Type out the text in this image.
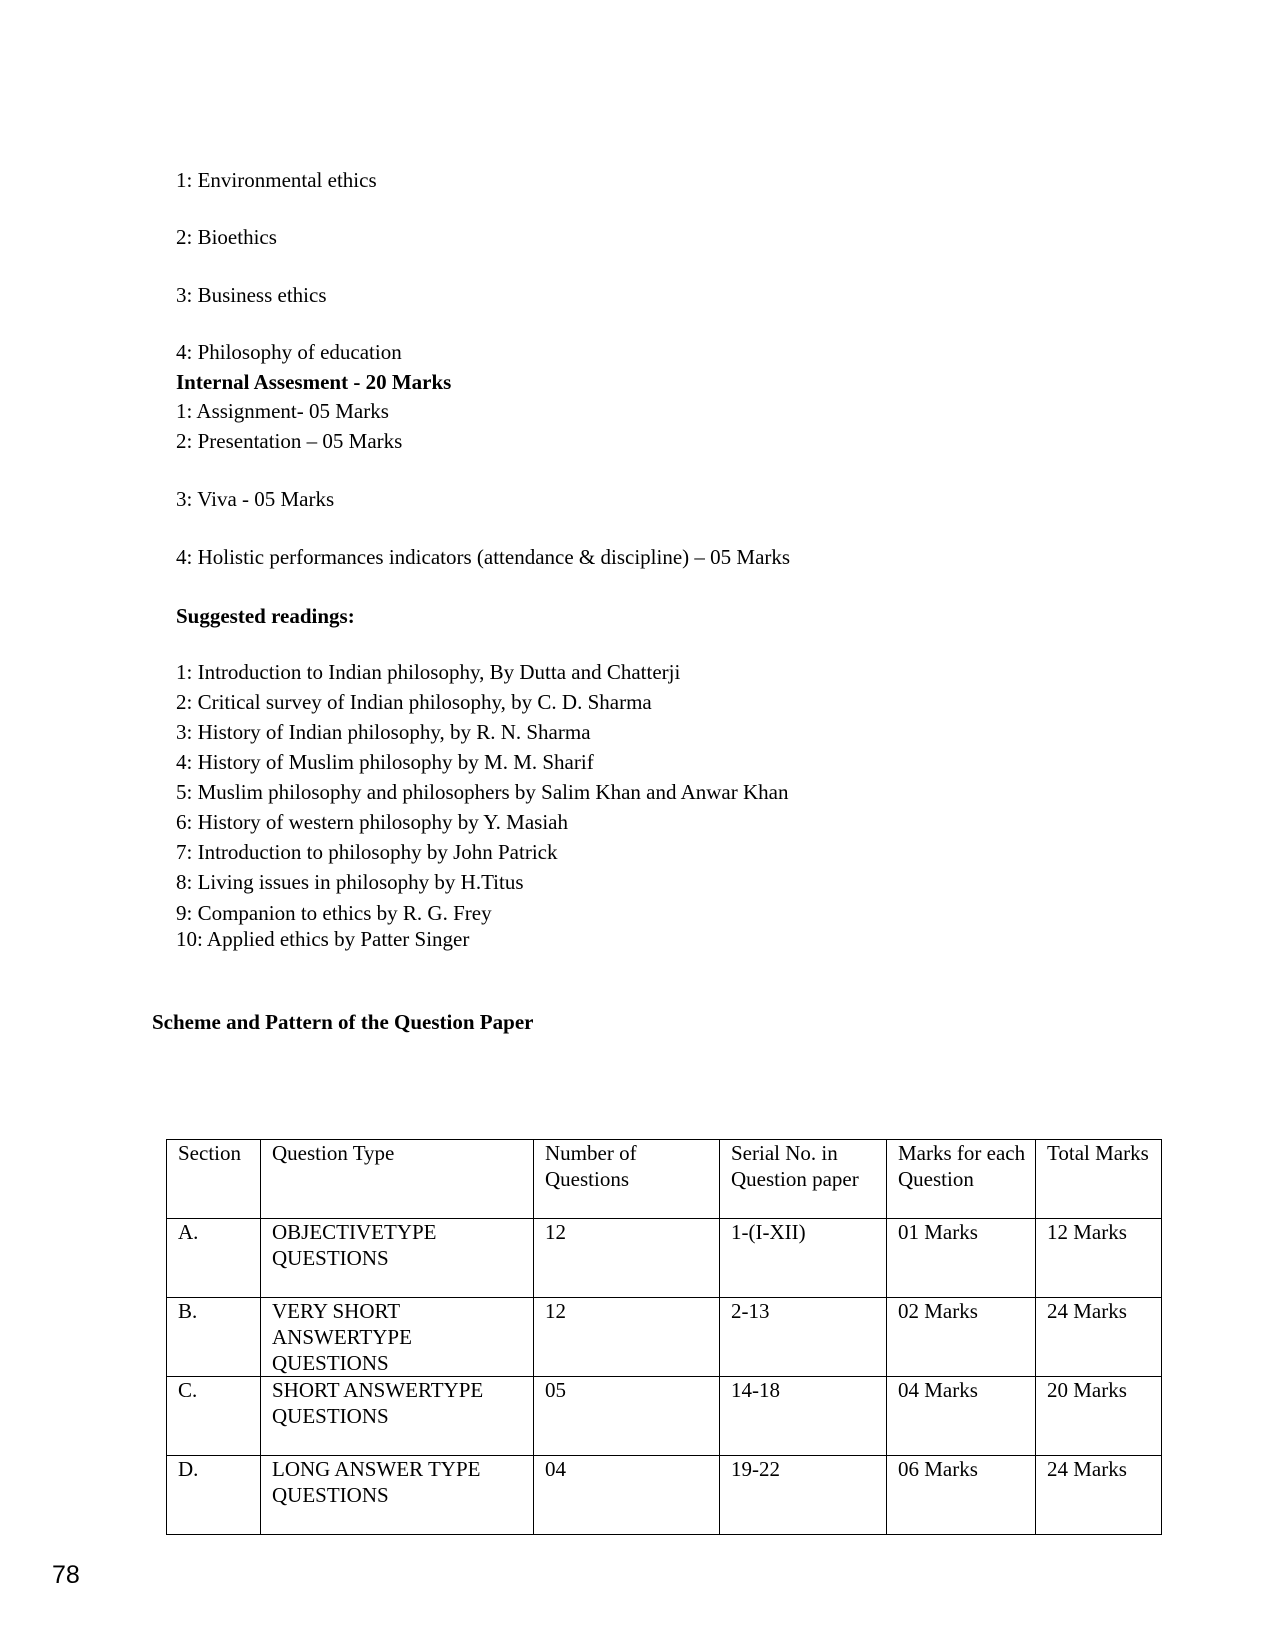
1: Environmental ethics
2: Bioethics
3: Business ethics
4: Philosophy of education
Internal Assesment - 20 Marks
1: Assignment- 05 Marks
2: Presentation – 05 Marks
3: Viva - 05 Marks
4: Holistic performances indicators (attendance & discipline) – 05 Marks
Suggested readings:
1: Introduction to Indian philosophy, By Dutta and Chatterji
2: Critical survey of Indian philosophy, by C. D. Sharma
3: History of Indian philosophy, by R. N. Sharma
4: History of Muslim philosophy by M. M. Sharif
5: Muslim philosophy and philosophers by Salim Khan and Anwar Khan
6: History of western philosophy by Y. Masiah
7: Introduction to philosophy by John Patrick
8: Living issues in philosophy by H.Titus
9: Companion to ethics by R. G. Frey
10: Applied ethics by Patter Singer
Scheme and Pattern of the Question Paper
Section	Question Type	Number of Questions	Serial No. in Question paper	Marks for each Question	Total Marks
A.	OBJECTIVETYPE QUESTIONS	12	1-(I-XII)	01 Marks	12 Marks
B.	VERY SHORT ANSWERTYPE QUESTIONS	12	2-13	02 Marks	24 Marks
C.	SHORT ANSWERTYPE QUESTIONS	05	14-18	04 Marks	20 Marks
D.	LONG ANSWER TYPE QUESTIONS	04	19-22	06 Marks	24 Marks
78
